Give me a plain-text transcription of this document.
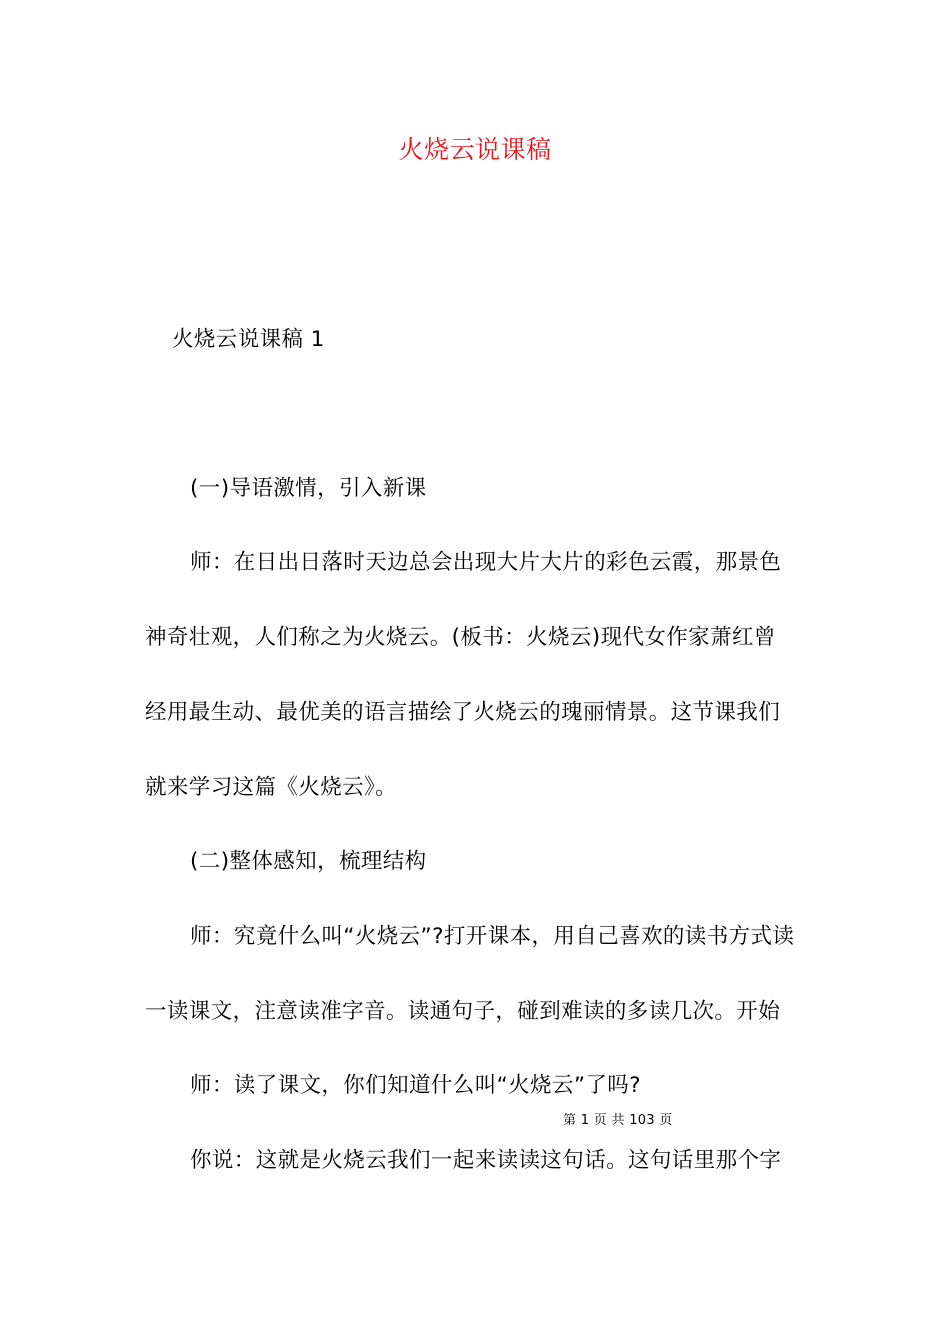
火烧云说课稿
火烧云说课稿 1
(一)导语激情，引入新课
师：在日出日落时天边总会出现大片大片的彩色云霞，那景色
神奇壮观，人们称之为火烧云。(板书：火烧云)现代女作家萧红曾
经用最生动、最优美的语言描绘了火烧云的瑰丽情景。这节课我们
就来学习这篇《火烧云》。
(二)整体感知，梳理结构
师：究竟什么叫“火烧云”?打开课本，用自己喜欢的读书方式读
一读课文，注意读准字音。读通句子，碰到难读的多读几次。开始
师：读了课文，你们知道什么叫“火烧云”了吗?
第 1 页 共 103 页
你说：这就是火烧云我们一起来读读这句话。这句话里那个字
